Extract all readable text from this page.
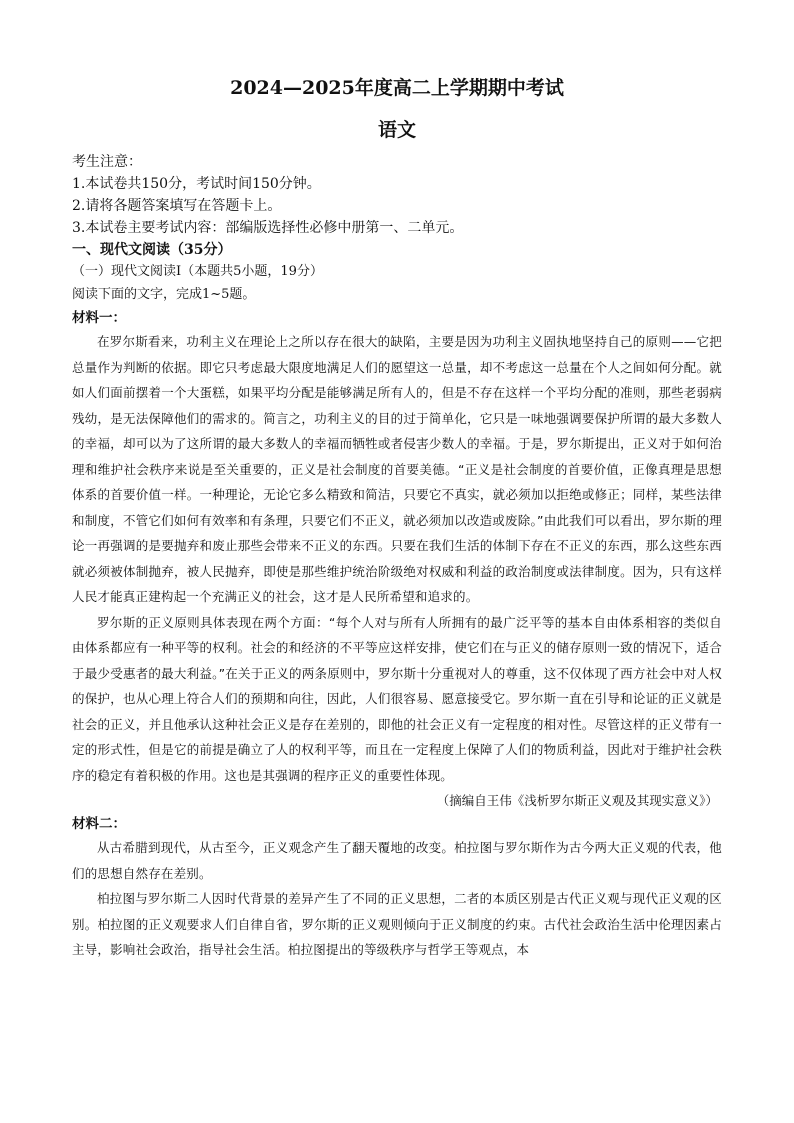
2024—2025年度高二上学期期中考试
语文

考生注意：

1.本试卷共150分，考试时间150分钟。

2.请将各题答案填写在答题卡上。

3.本试卷主要考试内容：部编版选择性必修中册第一、二单元。

一、现代文阅读（35分）

（一）现代文阅读Ⅰ（本题共5小题，19分）

阅读下面的文字，完成1~5题。

材料一：

在罗尔斯看来，功利主义在理论上之所以存在很大的缺陷，主要是因为功利主义固执地坚持自己的原则——它把总量作为判断的依据。即它只考虑最大限度地满足人们的愿望这一总量，却不考虑这一总量在个人之间如何分配。就如人们面前摆着一个大蛋糕，如果平均分配是能够满足所有人的，但是不存在这样一个平均分配的准则，那些老弱病残幼，是无法保障他们的需求的。简言之，功利主义的目的过于简单化，它只是一味地强调要保护所谓的最大多数人的幸福，却可以为了这所谓的最大多数人的幸福而牺牲或者侵害少数人的幸福。于是，罗尔斯提出，正义对于如何治理和维护社会秩序来说是至关重要的，正义是社会制度的首要美德。“正义是社会制度的首要价值，正像真理是思想体系的首要价值一样。一种理论，无论它多么精致和简洁，只要它不真实，就必须加以拒绝或修正；同样，某些法律和制度，不管它们如何有效率和有条理，只要它们不正义，就必须加以改造或废除。”由此我们可以看出，罗尔斯的理论一再强调的是要抛弃和废止那些会带来不正义的东西。只要在我们生活的体制下存在不正义的东西，那么这些东西就必须被体制抛弃，被人民抛弃，即使是那些维护统治阶级绝对权威和利益的政治制度或法律制度。因为，只有这样人民才能真正建构起一个充满正义的社会，这才是人民所希望和追求的。

罗尔斯的正义原则具体表现在两个方面：“每个人对与所有人所拥有的最广泛平等的基本自由体系相容的类似自由体系都应有一种平等的权利。社会的和经济的不平等应这样安排，使它们在与正义的储存原则一致的情况下，适合于最少受惠者的最大利益。”在关于正义的两条原则中，罗尔斯十分重视对人的尊重，这不仅体现了西方社会中对人权的保护，也从心理上符合人们的预期和向往，因此，人们很容易、愿意接受它。罗尔斯一直在引导和论证的正义就是社会的正义，并且他承认这种社会正义是存在差别的，即他的社会正义有一定程度的相对性。尽管这样的正义带有一定的形式性，但是它的前提是确立了人的权利平等，而且在一定程度上保障了人们的物质利益，因此对于维护社会秩序的稳定有着积极的作用。这也是其强调的程序正义的重要性体现。

（摘编自王伟《浅析罗尔斯正义观及其现实意义》）

材料二：

从古希腊到现代，从古至今，正义观念产生了翻天覆地的改变。柏拉图与罗尔斯作为古今两大正义观的代表，他们的思想自然存在差别。

柏拉图与罗尔斯二人因时代背景的差异产生了不同的正义思想，二者的本质区别是古代正义观与现代正义观的区别。柏拉图的正义观要求人们自律自省，罗尔斯的正义观则倾向于正义制度的约束。古代社会政治生活中伦理因素占主导，影响社会政治，指导社会生活。柏拉图提出的等级秩序与哲学王等观点，本
